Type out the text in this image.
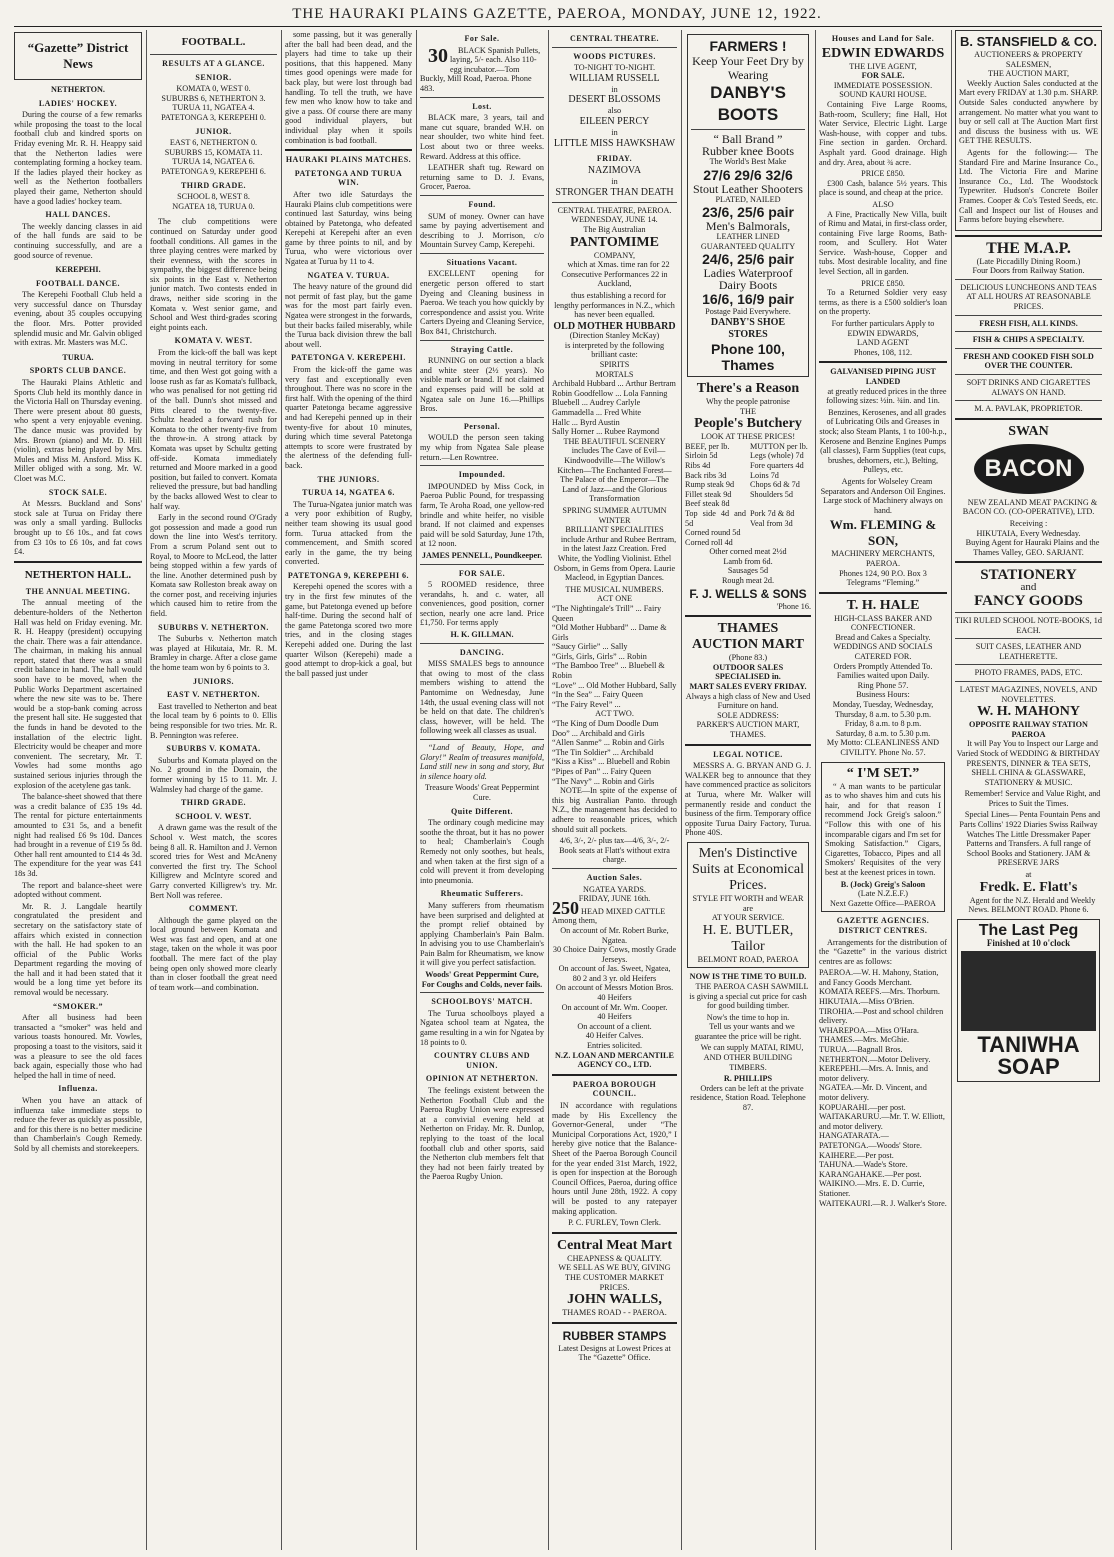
THE HAURAKI PLAINS GAZETTE, PAEROA, MONDAY, JUNE 12, 1922.
“Gazette” District News
NETHERTON.
LADIES' HOCKEY.

During the course of a few remarks while proposing the toast to the local football club and kindred sports on Friday evening Mr. R. H. Heappy said that the Netherton ladies were contemplating forming a hockey team. If the ladies played their hockey as well as the Netherton footballers played their game, Netherton should have a good ladies' hockey team.

HALL DANCES.

The weekly dancing classes in aid of the hall funds are said to be continuing successfully, and are a good source of revenue.

KEREPEHI.
FOOTBALL DANCE.

The Kerepehi Football Club held a very successful dance on Thursday evening, about 35 couples occupying the floor. Mrs. Potter provided splendid music and Mr. Galvin obliged with extras. Mr. Masters was M.C.

TURUA.
SPORTS CLUB DANCE.

The Hauraki Plains Athletic and Sports Club held its monthly dance in the Victoria Hall on Thursday evening. There were present about 80 guests, who spent a very enjoyable evening. The dance music was provided by Mrs. Brown (piano) and Mr. D. Hill (violin), extras being played by Mrs. Mules and Miss M. Ansford. Miss K. Miller obliged with a song. Mr. W. Cloet was M.C.

STOCK SALE.

At Messrs. Buckland and Sons' stock sale at Turua on Friday there was only a small yarding. Bullocks brought up to £6 10s., and fat cows from £3 10s to £6 10s, and fat cows £4.

NETHERTON HALL.
THE ANNUAL MEETING.

The annual meeting of the debenture-holders of the Netherton Hall was held on Friday evening. Mr. R. H. Heappy (president) occupying the chair. There was a fair attendance. The chairman, in making his annual report, stated that there was a small credit balance in hand. The hall would soon have to be moved, when the Public Works Department ascertained where the new site was to be. There would be a stop-bank coming across the present hall site. He suggested that the funds in hand be devoted to the installation of the electric light. Electricity would be cheaper and more convenient. The secretary, Mr. T. Vowles had some months ago sustained serious injuries through the explosion of the acetylene gas tank.

The balance-sheet showed that there was a credit balance of £35 19s 4d. The rental for picture entertainments amounted to £31 5s, and a benefit night had realised £6 9s 10d. Dances had brought in a revenue of £19 5s 8d. Other hall rent amounted to £14 4s 3d. The expenditure for the year was £41 18s 3d.

The report and balance-sheet were adopted without comment.

Mr. R. J. Langdale heartily congratulated the president and secretary on the satisfactory state of affairs which existed in connection with the hall. He had spoken to an official of the Public Works Department regarding the moving of the hall and it had been stated that it would be a long time yet before its removal would be necessary.

“SMOKER.”

After all business had been transacted a “smoker” was held and various toasts honoured. Mr. Vowles, proposing a toast to the visitors, said it was a pleasure to see the old faces back again, especially those who had helped the hall in time of need.

Influenza.

When you have an attack of influenza take immediate steps to reduce the fever as quickly as possible, and for this there is no better medicine than Chamberlain's Cough Remedy. Sold by all chemists and storekeepers.

FOOTBALL.
RESULTS AT A GLANCE.
SENIOR.
KOMATA 0, WEST 0.
SUBURBS 6, NETHERTON 3.
TURUA 11, NGATEA 4.
PATETONGA 3, KEREPEHI 0.
JUNIOR.
EAST 6, NETHERTON 0.
SUBURBS 15, KOMATA 11.
TURUA 14, NGATEA 6.
PATETONGA 9, KEREPEHI 6.
THIRD GRADE.
SCHOOL 8, WEST 8.
NGATEA 18, TURUA 0.

The club competitions were continued on Saturday under good football conditions. All games in the three playing centres were marked by their evenness, with the scores in sympathy, the biggest difference being six points in the East v. Netherton junior match. Two contests ended in draws, neither side scoring in the Komata v. West senior game, and School and West third-grades scoring eight points each.

KOMATA V. WEST.

From the kick-off the ball was kept moving in neutral territory for some time, and then West got going with a loose rush as far as Komata's fullback, who was penalised for not getting rid of the ball. Dunn's shot missed and Pitts cleared to the twenty-five. Schultz headed a forward rush for Komata to the other twenty-five from the throw-in. A strong attack by Komata was upset by Schultz getting off-side. Komata immediately returned and Moore marked in a good position, but failed to convert. Komata relieved the pressure, but bad handling by the backs allowed West to clear to half way.

Early in the second round O'Grady got possession and made a good run down the line into West's territory. From a scrum Poland sent out to Royal, to Moore to McLeod, the latter being stopped within a few yards of the line. Another determined push by Komata saw Rolleston break away on the corner post, and receiving injuries which caused him to retire from the field.

SUBURBS V. NETHERTON.

The Suburbs v. Netherton match was played at Hikutaia, Mr. R. M. Bramley in charge. After a close game the home team won by 6 points to 3.

JUNIORS.
EAST V. NETHERTON.

East travelled to Netherton and beat the local team by 6 points to 0. Ellis being responsible for two tries. Mr. R. B. Pennington was referee.

SUBURBS V. KOMATA.

Suburbs and Komata played on the No. 2 ground in the Domain, the former winning by 15 to 11. Mr. J. Walmsley had charge of the game.

THIRD GRADE.
SCHOOL V. WEST.

A drawn game was the result of the School v. West match, the scores being 8 all. R. Hamilton and J. Vernon scored tries for West and McAneny converted the first try. The School Killigrew and McIntyre scored and Garry converted Killigrew's try. Mr. Bert Noll was referee.

COMMENT.

Although the game played on the local ground between Komata and West was fast and open, and at one stage, taken on the whole it was poor football. The mere fact of the play being open only showed more clearly than in closer football the great need of team work—and combination.

some passing, but it was generally after the ball had been dead, and the players had time to take up their positions, that this happened. Many times good openings were made for back play, but were lost through bad handling. To tell the truth, we have few men who know how to take and give a pass. Of course there are many good individual players, but individual play when it spoils combination is bad football.

HAURAKI PLAINS MATCHES.
PATETONGA AND TURUA WIN.

After two idle Saturdays the Hauraki Plains club competitions were continued last Saturday, wins being obtained by Patetonga, who defeated Kerepehi at Kerepehi after an even game by three points to nil, and by Turua, who were victorious over Ngatea at Turua by 11 to 4.

NGATEA V. TURUA.

The heavy nature of the ground did not permit of fast play, but the game was for the most part fairly even. Ngatea were strongest in the forwards, but their backs failed miserably, while the Turua back division threw the ball about well.

PATETONGA V. KEREPEHI.

From the kick-off the game was very fast and exceptionally even throughout. There was no score in the first half. With the opening of the third quarter Patetonga became aggressive and had Kerepehi penned up in their twenty-five for about 10 minutes, during which time several Patetonga attempts to score were frustrated by the alertness of the defending full-back.

THE JUNIORS.
TURUA 14, NGATEA 6.

The Turua-Ngatea junior match was a very poor exhibition of Rugby, neither team showing its usual good form. Turua attacked from the commencement, and Smith scored early in the game, the try being converted.

PATETONGA 9, KEREPEHI 6.

Kerepehi opened the scores with a try in the first few minutes of the game, but Patetonga evened up before half-time. During the second half of the game Patetonga scored two more tries, and in the closing stages Kerepehi added one. During the last quarter Wilson (Kerepehi) made a good attempt to drop-kick a goal, but the ball passed just under

For Sale.

30 BLACK Spanish Pullets, laying, 5/- each. Also 110-egg incubator.—Tom Buckly, Mill Road, Paeroa. Phone 483.

Lost.

BLACK mare, 3 years, tail and mane cut square, branded W.H. on near shoulder, two white hind feet. Lost about two or three weeks. Reward. Address at this office.

LEATHER shaft tug. Reward on returning same to D. J. Evans, Grocer, Paeroa.

Found.

SUM of money. Owner can have same by paying advertisement and describing to J. Morrison, c/o Mountain Survey Camp, Kerepehi.

Situations Vacant.

EXCELLENT opening for energetic person offered to start Dyeing and Cleaning business in Paeroa. We teach you how quickly by correspondence and assist you. Write Carters Dyeing and Cleaning Service, Box 841, Christchurch.

Straying Cattle.

RUNNING on our section a black and white steer (2½ years). No visible mark or brand. If not claimed and expenses paid will be sold at Ngatea sale on June 16.—Phillips Bros.

Personal.

WOULD the person seen taking my whip from Ngatea Sale please return.—Len Rowntree.

Impounded.

IMPOUNDED by Miss Cock, in Paeroa Public Pound, for trespassing farm, Te Aroha Road, one yellow-red brindle and white heifer, no visible brand. If not claimed and expenses paid will be sold Saturday, June 17th, at 12 noon.

JAMES PENNELL, Poundkeeper.
FOR SALE.

5 ROOMED residence, three verandahs, h. and c. water, all conveniences, good position, corner section, nearly one acre land. Price £1,750. For terms apply

H. K. GILLMAN.
DANCING.

MISS SMALES begs to announce that owing to most of the class members wishing to attend the Pantomime on Wednesday, June 14th, the usual evening class will not be held on that date. The children's class, however, will be held. The following week all classes as usual.

“Land of Beauty, Hope, and Glory!” Realm of treasures manifold, Land still new in song and story, But in silence hoary old.

Treasure Woods' Great Peppermint Cure.
Quite Different.

The ordinary cough medicine may soothe the throat, but it has no power to heal; Chamberlain's Cough Remedy not only soothes, but heals, and when taken at the first sign of a cold will prevent it from developing into pneumonia.

Rheumatic Sufferers.

Many sufferers from rheumatism have been surprised and delighted at the prompt relief obtained by applying Chamberlain's Pain Balm. In advising you to use Chamberlain's Pain Balm for Rheumatism, we know it will give you perfect satisfaction.

Woods' Great Peppermint Cure, For Coughs and Colds, never fails.
SCHOOLBOYS' MATCH.

The Turua schoolboys played a Ngatea school team at Ngatea, the game resulting in a win for Ngatea by 18 points to 0.

COUNTRY CLUBS AND UNION.
OPINION AT NETHERTON.

The feelings existent between the Netherton Football Club and the Paeroa Rugby Union were expressed at a convivial evening held at Netherton on Friday. Mr. R. Dunlop, replying to the toast of the local football club and other sports, said the Netherton club members felt that they had not been fairly treated by the Paeroa Rugby Union.

CENTRAL THEATRE.
WOODS PICTURES.
TO-NIGHT TO-NIGHT.
WILLIAM RUSSELL
in
DESERT BLOSSOMS
also
EILEEN PERCY
in
LITTLE MISS HAWKSHAW
FRIDAY.
NAZIMOVA
in
STRONGER THAN DEATH
CENTRAL THEATRE, PAEROA.
WEDNESDAY, JUNE 14.
The Big Australian
PANTOMIME
COMPANY,

which at Xmas. time ran for 22 Consecutive Performances 22 in Auckland,

thus establishing a record for lengthy performances in N.Z., which has never been equalled.

OLD MOTHER HUBBARD
(Direction Stanley McKay)
is interpreted by the following brilliant caste:
SPIRITS
MORTALS
Archibald Hubbard ... Arthur Bertram
Robin Goodfellow ... Lola Fanning
Bluebell ... Audrey Carlyle
Gammadella ... Fred White
Hallc ... Byrd Austin
Sally Horner ... Rubee Raymond
THE BEAUTIFUL SCENERY

includes The Cave of Evil—Kindwoodville—The Willow's Kitchen—The Enchanted Forest—The Palace of the Emperor—The Land of Jazz—and the Glorious Transformation

SPRING SUMMER AUTUMN WINTER
BRILLIANT SPECIALITIES

include Arthur and Rubee Bertram, in the latest Jazz Creation. Fred White, the Yodling Violinist. Ethel Osborn, in Gems from Opera. Laurie Macleod, in Egyptian Dances.

THE MUSICAL NUMBERS.
ACT ONE
“The Nightingale's Trill” ... Fairy Queen
“Old Mother Hubbard” ... Dame & Girls
“Saucy Girlie” ... Sally
“Girls, Girls, Girls” ... Robin
“The Bamboo Tree” ... Bluebell & Robin
“Love” ... Old Mother Hubbard, Sally
“In the Sea” ... Fairy Queen
“The Fairy Revel” ...
ACT TWO.
“The King of Dum Doodle Dum Doo” ... Archibald and Girls
“Allen Sanme” ... Robin and Girls
“The Tin Soldier” ... Archibald
“Kiss a Kiss” ... Bluebell and Robin
“Pipes of Pan” ... Fairy Queen
“The Navy” ... Robin and Girls

NOTE—In spite of the expense of this big Australian Panto. through N.Z., the management has decided to adhere to reasonable prices, which should suit all pockets.

4/6, 3/-, 2/- plus tax—4/6, 3/-, 2/-
Book seats at Flatt's without extra charge.
Auction Sales.
NGATEA YARDS.
FRIDAY, JUNE 16th.
250 HEAD MIXED CATTLE Among them,
On account of Mr. Robert Burke, Ngatea.
30 Choice Dairy Cows, mostly Grade Jerseys.
On account of Jas. Sweet, Ngatea,
80 2 and 3 yr. old Heifers
On account of Messrs Motion Bros.
40 Heifers
On account of Mr. Wm. Cooper.
40 Heifers
On account of a client.
40 Heifer Calves.
Entries solicited.
N.Z. LOAN AND MERCANTILE AGENCY CO., LTD.
PAEROA BOROUGH COUNCIL.

IN accordance with regulations made by His Excellency the Governor-General, under “The Municipal Corporations Act, 1920,” I hereby give notice that the Balance-Sheet of the Paeroa Borough Council for the year ended 31st March, 1922, is open for inspection at the Borough Council Offices, Paeroa, during office hours until June 28th, 1922. A copy will be posted to any ratepayer making application.

P. C. FURLEY, Town Clerk.
Central Meat Mart
CHEAPNESS & QUALITY.
WE SELL AS WE BUY, GIVING THE CUSTOMER MARKET PRICES.
JOHN WALLS,
THAMES ROAD - - PAEROA.
RUBBER STAMPS
Latest Designs at Lowest Prices at The “Gazette” Office.
FARMERS !
Keep Your Feet Dry by Wearing
DANBY'S BOOTS
“ Ball Brand ”
Rubber knee Boots
The World's Best Make
27/6 29/6 32/6
Stout Leather Shooters
PLATED, NAILED
23/6, 25/6 pair
Men's Balmorals,
LEATHER LINED GUARANTEED QUALITY
24/6, 25/6 pair
Ladies Waterproof Dairy Boots
16/6, 16/9 pair
Postage Paid Everywhere.
DANBY'S SHOE STORES
Phone 100, Thames
There's a Reason
Why the people patronise
THE
People's Butchery
LOOK AT THESE PRICES!
BEEF, per lb.
Sirloin 5d
Ribs 4d
Back ribs 3d
Rump steak 9d
Fillet steak 9d
Beef steak 8d
Top side 4d and 5d
Corned round 5d
Corned roll 4d
MUTTON per lb.
Legs (whole) 7d
Fore quarters 4d
Loins 7d
Chops 6d & 7d
Shoulders 5d
Pork 7d & 8d
Veal from 3d
Other corned meat 2½d
Lamb from 6d.
Sausages 5d
Rough meat 2d.
F. J. WELLS & SONS
'Phone 16.
THAMES AUCTION MART
(Phone 83.)
OUTDOOR SALES SPECIALISED in.
MART SALES EVERY FRIDAY.
Always a high class of New and Used Furniture on hand.
SOLE ADDRESS:
PARKER'S AUCTION MART, THAMES.
LEGAL NOTICE.

MESSRS A. G. BRYAN AND G. J. WALKER beg to announce that they have commenced practice as solicitors at Turua, where Mr. Walker will permanently reside and conduct the business of the firm. Temporary office opposite Turua Dairy Factory, Turua. Phone 40S.

Men's Distinctive Suits at Economical Prices.
STYLE FIT WORTH and WEAR
are
AT YOUR SERVICE.
H. E. BUTLER, Tailor
BELMONT ROAD, PAEROA
NOW IS THE TIME TO BUILD.

THE PAEROA CASH SAWMILL is giving a special cut price for cash for good building timber.

Now's the time to hop in.

Tell us your wants and we guarantee the price will be right.

We can supply MATAI, RIMU, AND OTHER BUILDING TIMBERS.

R. PHILLIPS

Orders can be left at the private residence, Station Road. Telephone 87.

Houses and Land for Sale.
EDWIN EDWARDS
THE LIVE AGENT,
FOR SALE.
IMMEDIATE POSSESSION.
SOUND KAURI HOUSE.

Containing Five Large Rooms, Bath-room, Scullery; fine Hall, Hot Water Service, Electric Light. Large Wash-house, with copper and tubs. Fine section in garden. Orchard. Asphalt yard. Good drainage. High and dry. Area, about ¾ acre.

PRICE £850.

£300 Cash, balance 5½ years. This place is sound, and cheap at the price.

ALSO

A Fine, Practically New Villa, built of Rimu and Matai, in first-class order, containing Five large Rooms, Bath-room, and Scullery. Hot Water Service. Wash-house, Copper and tubs. Most desirable locality, and fine level Section, all in garden.

PRICE £850.

To a Returned Soldier very easy terms, as there is a £500 soldier's loan on the property.

For further particulars Apply to
EDWIN EDWARDS,
LAND AGENT
Phones, 108, 112.
GALVANISED PIPING JUST LANDED

at greatly reduced prices in the three following sizes: ½in. ¾in. and 1in.

Benzines, Kerosenes, and all grades of Lubricating Oils and Greases in stock; also Steam Plants, 1 to 100-h.p., Kerosene and Benzine Engines Pumps (all classes), Farm Supplies (teat cups, brushes, dehorners, etc.), Belting, Pulleys, etc.

Agents for Wolseley Cream Separators and Anderson Oil Engines. Large stock of Machinery always on hand.

Wm. FLEMING & SON,
MACHINERY MERCHANTS, PAEROA.
Phones 124, 90 P.O. Box 3
Telegrams “Fleming.”
T. H. HALE
HIGH-CLASS BAKER AND CONFECTIONER.
Bread and Cakes a Specialty.
WEDDINGS AND SOCIALS CATERED FOR.
Orders Promptly Attended To.
Families waited upon Daily.
Ring Phone 57.
Business Hours:
Monday, Tuesday, Wednesday,
Thursday, 8 a.m. to 5.30 p.m.
Friday, 8 a.m. to 8 p.m.
Saturday, 8 a.m. to 5.30 p.m.
My Motto: CLEANLINESS AND CIVILITY. Phone No. 57.
“ I'M SET.”

“ A man wants to be particular as to who shaves him and cuts his hair, and for that reason I recommend Jock Greig's saloon.” “Follow this with one of his incomparable cigars and I'm set for Smoking Satisfaction.” Cigars, Cigarettes, Tobacco, Pipes and all Smokers' Requisites of the very best at the keenest prices in town.

B. (Jock) Greig's Saloon
(Late N.Z.E.F.)
Next Gazette Office—PAEROA
GAZETTE AGENCIES. DISTRICT CENTRES.

Arrangements for the distribution of the “Gazette” in the various district centres are as follows:

PAEROA.—W. H. Mahony, Station, and Fancy Goods Merchant.
KOMATA REEFS.—Mrs. Thorburn.
HIKUTAIA.—Miss O'Brien.
TIROHIA.—Post and school children delivery.
WHAREPOA.—Miss O'Hara.
THAMES.—Mrs. McGhie.
TURUA.—Bagnall Bros.
NETHERTON.—Motor Delivery.
KEREPEHI.—Mrs. A. Innis, and motor delivery.
NGATEA.—Mr. D. Vincent, and motor delivery.
KOPUARAHI.—per post.
WAITAKARURU.—Mr. T. W. Elliott, and motor delivery.
HANGATARATA.—
PATETONGA.—Woods' Store.
KAIHERE.—Per post.
TAHUNA.—Wade's Store.
KARANGAHAKE.—Per post.
WAIKINO.—Mrs. E. D. Currie, Stationer.
WAITEKAURI.—R. J. Walker's Store.
B. STANSFIELD & CO.
AUCTIONEERS & PROPERTY SALESMEN,
THE AUCTION MART,

Weekly Auction Sales conducted at the Mart every FRIDAY at 1.30 p.m. SHARP. Outside Sales conducted anywhere by arrangement. No matter what you want to buy or sell call at The Auction Mart first and discuss the business with us. WE GET THE RESULTS.

Agents for the following:— The Standard Fire and Marine Insurance Co., Ltd. The Victoria Fire and Marine Insurance Co., Ltd. The Woodstock Typewriter. Hudson's Concrete Boiler Frames. Cooper & Co's Tested Seeds, etc. Call and Inspect our list of Houses and Farms before buying elsewhere.

THE M.A.P.
(Late Piccadilly Dining Room.)
Four Doors from Railway Station.
DELICIOUS LUNCHEONS AND TEAS AT ALL HOURS AT REASONABLE PRICES.
FRESH FISH, ALL KINDS.
FISH & CHIPS A SPECIALTY.
FRESH AND COOKED FISH SOLD OVER THE COUNTER.
SOFT DRINKS AND CIGARETTES ALWAYS ON HAND.
M. A. PAVLAK, PROPRIETOR.
SWAN
BACON

NEW ZEALAND MEAT PACKING & BACON CO. (CO-OPERATIVE), LTD.

Receiving :
HIKUTAIA, Every Wednesday.

Buying Agent for Hauraki Plains and the Thames Valley, GEO. SARJANT.

STATIONERY
and
FANCY GOODS
TIKI RULED SCHOOL NOTE-BOOKS, 1d EACH.
SUIT CASES, LEATHER AND LEATHERETTE.
PHOTO FRAMES, PADS, ETC.
LATEST MAGAZINES, NOVELS, AND NOVELETTES.
W. H. MAHONY
OPPOSITE RAILWAY STATION PAEROA

It will Pay You to Inspect our Large and Varied Stock of WEDDING & BIRTHDAY PRESENTS, DINNER & TEA SETS, SHELL CHINA & GLASSWARE, STATIONERY & MUSIC.

Remember! Service and Value Right, and Prices to Suit the Times.

Special Lines— Penta Fountain Pens and Parts Collins' 1922 Diaries Swiss Railway Watches The Little Dressmaker Paper Patterns and Transfers. A full range of School Books and Stationery. JAM & PRESERVE JARS

at
Fredk. E. Flatt's

Agent for the N.Z. Herald and Weekly News. BELMONT ROAD. Phone 6.

The Last Peg
Finished at 10 o'clock
TANIWHA
SOAP
